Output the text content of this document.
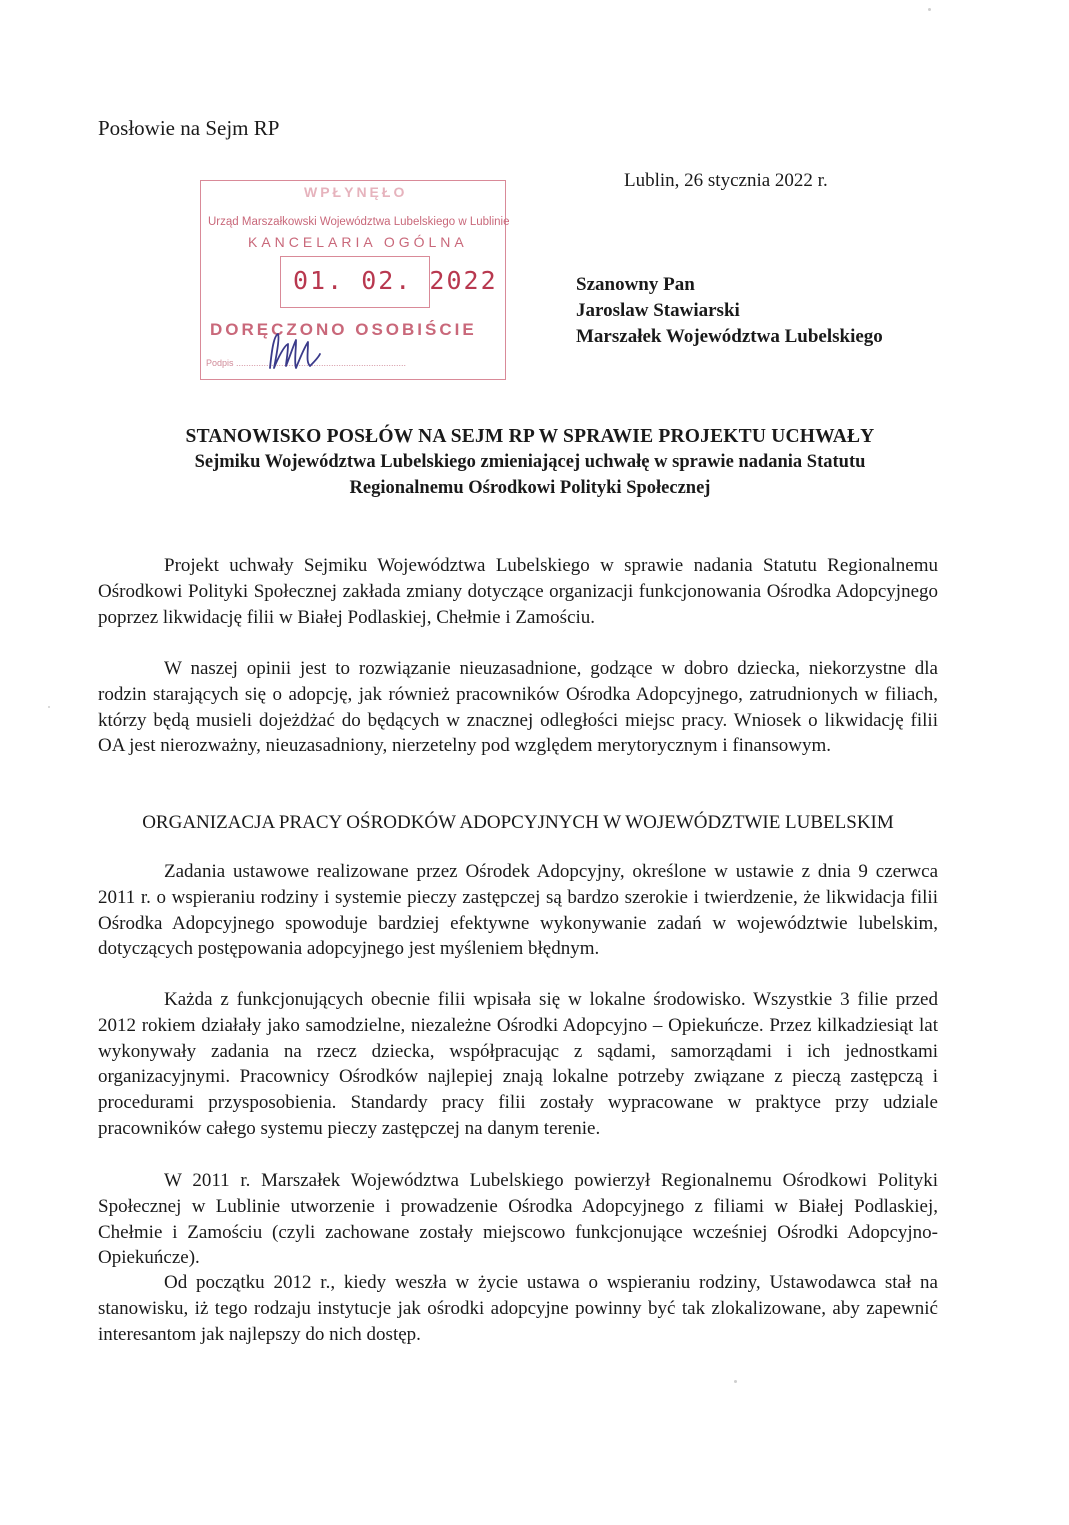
Posłowie na Sejm RP
Lublin, 26 stycznia 2022 r.
Szanowny Pan
Jaroslaw Stawiarski
Marszałek Województwa Lubelskiego
WPŁYNĘŁO
Urząd Marszałkowski Województwa Lubelskiego w Lublinie
KANCELARIA OGÓLNA
01. 02. 2022
DORĘCZONO OSOBIŚCIE
Podpis ....................................................................
STANOWISKO POSŁÓW NA SEJM RP W SPRAWIE PROJEKTU UCHWAŁY
Sejmiku Województwa Lubelskiego zmieniającej uchwałę w sprawie nadania Statutu
Regionalnemu Ośrodkowi Polityki Społecznej
Projekt uchwały Sejmiku Województwa Lubelskiego w sprawie nadania Statutu Regionalnemu Ośrodkowi Polityki Społecznej zakłada zmiany dotyczące organizacji funkcjonowania Ośrodka Adopcyjnego poprzez likwidację filii w Białej Podlaskiej, Chełmie i Zamościu.
W naszej opinii jest to rozwiązanie nieuzasadnione, godzące w dobro dziecka, niekorzystne dla rodzin starających się o adopcję, jak również pracowników Ośrodka Adopcyjnego, zatrudnionych w filiach, którzy będą musieli dojeżdżać do będących w znacznej odległości miejsc pracy. Wniosek o likwidację filii OA jest nierozważny, nieuzasadniony, nierzetelny pod względem merytorycznym i finansowym.
ORGANIZACJA PRACY OŚRODKÓW ADOPCYJNYCH W WOJEWÓDZTWIE LUBELSKIM
Zadania ustawowe realizowane przez Ośrodek Adopcyjny, określone w ustawie z dnia 9 czerwca 2011 r. o wspieraniu rodziny i systemie pieczy zastępczej są bardzo szerokie i twierdzenie, że likwidacja filii Ośrodka Adopcyjnego spowoduje bardziej efektywne wykonywanie zadań w województwie lubelskim, dotyczących postępowania adopcyjnego jest myśleniem błędnym.
Każda z funkcjonujących obecnie filii wpisała się w lokalne środowisko. Wszystkie 3 filie przed 2012 rokiem działały jako samodzielne, niezależne Ośrodki Adopcyjno – Opiekuńcze. Przez kilkadziesiąt lat wykonywały zadania na rzecz dziecka, współpracując z sądami, samorządami i ich jednostkami organizacyjnymi. Pracownicy Ośrodków najlepiej znają lokalne potrzeby związane z pieczą zastępczą i procedurami przysposobienia. Standardy pracy filii zostały wypracowane w praktyce przy udziale pracowników całego systemu pieczy zastępczej na danym terenie.
W 2011 r. Marszałek Województwa Lubelskiego powierzył Regionalnemu Ośrodkowi Polityki Społecznej w Lublinie utworzenie i prowadzenie Ośrodka Adopcyjnego z filiami w Białej Podlaskiej, Chełmie i Zamościu (czyli zachowane zostały miejscowo funkcjonujące wcześniej Ośrodki Adopcyjno-Opiekuńcze).
Od początku 2012 r., kiedy weszła w życie ustawa o wspieraniu rodziny, Ustawodawca stał na stanowisku, iż tego rodzaju instytucje jak ośrodki adopcyjne powinny być tak zlokalizowane, aby zapewnić interesantom jak najlepszy do nich dostęp.
